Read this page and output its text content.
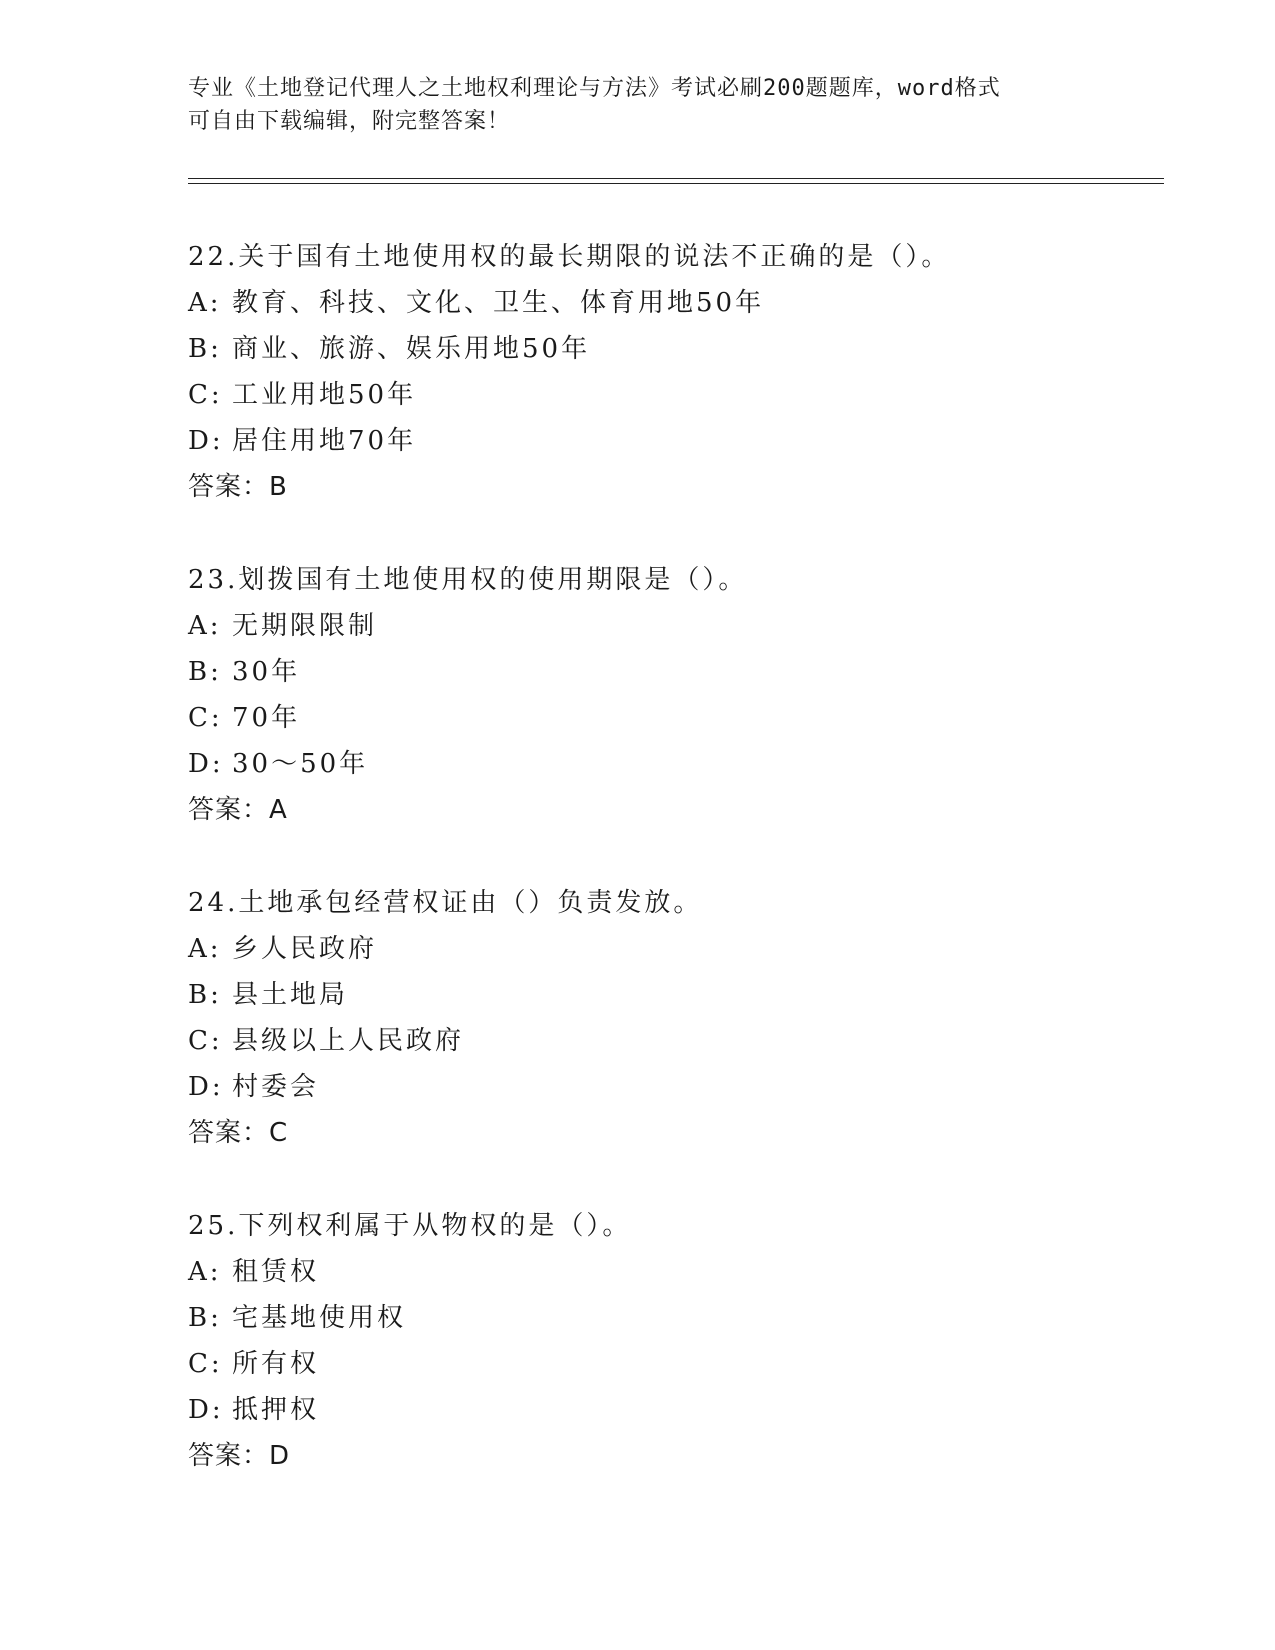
专业《土地登记代理人之土地权利理论与方法》考试必刷200题题库，word格式
可自由下载编辑，附完整答案！
22.关于国有土地使用权的最长期限的说法不正确的是（）。
A: 教育、科技、文化、卫生、体育用地50年
B: 商业、旅游、娱乐用地50年
C: 工业用地50年
D: 居住用地70年
答案：B
23.划拨国有土地使用权的使用期限是（）。
A: 无期限限制
B: 30年
C: 70年
D: 30～50年
答案：A
24.土地承包经营权证由（）负责发放。
A: 乡人民政府
B: 县土地局
C: 县级以上人民政府
D: 村委会
答案：C
25.下列权利属于从物权的是（）。
A: 租赁权
B: 宅基地使用权
C: 所有权
D: 抵押权
答案：D
